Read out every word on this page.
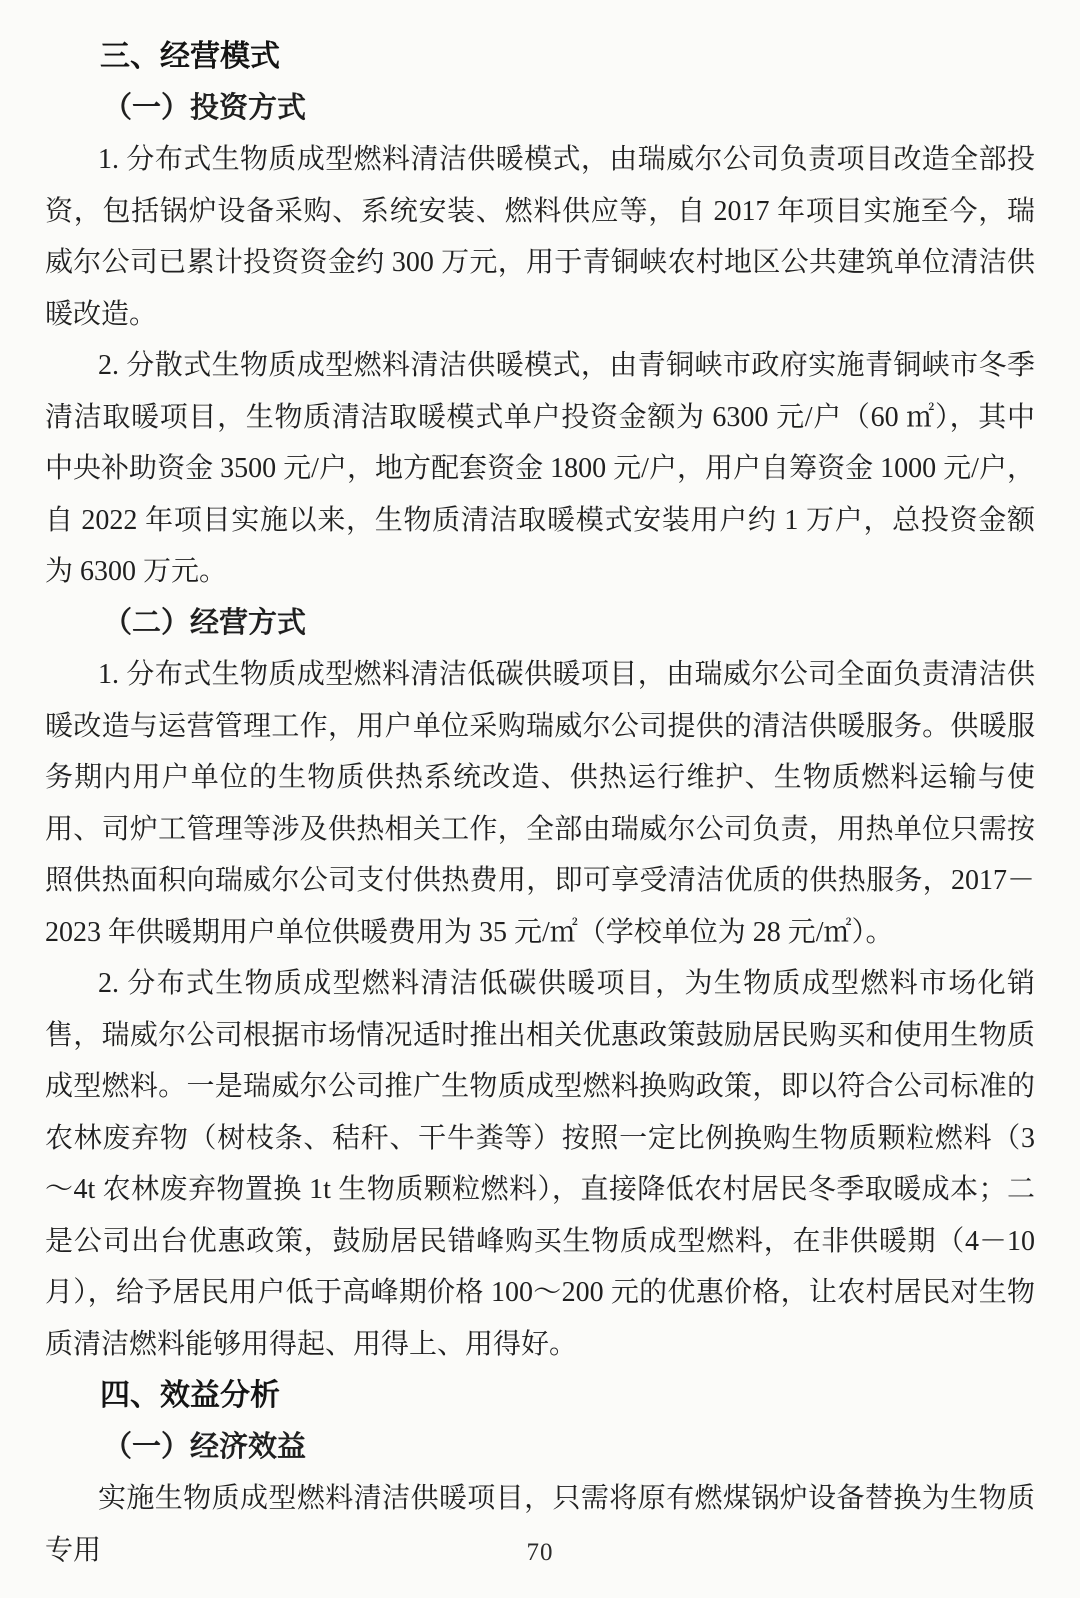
三、经营模式
（一）投资方式

1. 分布式生物质成型燃料清洁供暖模式，由瑞威尔公司负责项目改造全部投资，包括锅炉设备采购、系统安装、燃料供应等，自 2017 年项目实施至今，瑞威尔公司已累计投资资金约 300 万元，用于青铜峡农村地区公共建筑单位清洁供暖改造。

2. 分散式生物质成型燃料清洁供暖模式，由青铜峡市政府实施青铜峡市冬季清洁取暖项目，生物质清洁取暖模式单户投资金额为 6300 元/户（60 ㎡），其中中央补助资金 3500 元/户，地方配套资金 1800 元/户，用户自筹资金 1000 元/户，自 2022 年项目实施以来，生物质清洁取暖模式安装用户约 1 万户，总投资金额为 6300 万元。

（二）经营方式

1. 分布式生物质成型燃料清洁低碳供暖项目，由瑞威尔公司全面负责清洁供暖改造与运营管理工作，用户单位采购瑞威尔公司提供的清洁供暖服务。供暖服务期内用户单位的生物质供热系统改造、供热运行维护、生物质燃料运输与使用、司炉工管理等涉及供热相关工作，全部由瑞威尔公司负责，用热单位只需按照供热面积向瑞威尔公司支付供热费用，即可享受清洁优质的供热服务，2017－2023 年供暖期用户单位供暖费用为 35 元/㎡（学校单位为 28 元/㎡）。

2. 分布式生物质成型燃料清洁低碳供暖项目，为生物质成型燃料市场化销售，瑞威尔公司根据市场情况适时推出相关优惠政策鼓励居民购买和使用生物质成型燃料。一是瑞威尔公司推广生物质成型燃料换购政策，即以符合公司标准的农林废弃物（树枝条、秸秆、干牛粪等）按照一定比例换购生物质颗粒燃料（3～4t 农林废弃物置换 1t 生物质颗粒燃料），直接降低农村居民冬季取暖成本；二是公司出台优惠政策，鼓励居民错峰购买生物质成型燃料，在非供暖期（4－10 月），给予居民用户低于高峰期价格 100～200 元的优惠价格，让农村居民对生物质清洁燃料能够用得起、用得上、用得好。

四、效益分析
（一）经济效益

实施生物质成型燃料清洁供暖项目，只需将原有燃煤锅炉设备替换为生物质专用	70
